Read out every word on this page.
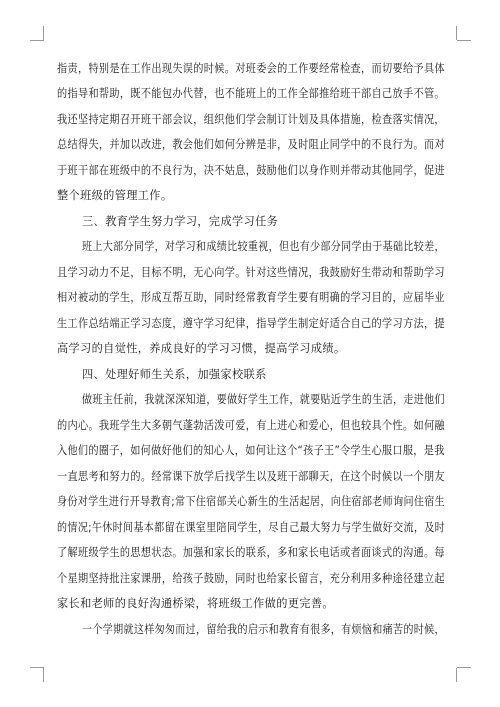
指责，特别是在工作出现失误的时候。对班委会的工作要经常检查，而切要给予具体
的指导和帮助，既不能包办代替，也不能班上的工作全部推给班干部自己放手不管。
我还坚持定期召开班干部会议，组织他们学会制订计划及具体措施，检查落实情况，
总结得失，并加以改进，教会他们如何分辨是非，及时阻止同学中的不良行为。而对
于班干部在班级中的不良行为，决不姑息，鼓励他们以身作则并带动其他同学，促进
整个班级的管理工作。
三、教育学生努力学习，完成学习任务
班上大部分同学，对学习和成绩比较重视，但也有少部分同学由于基础比较差，
且学习动力不足，目标不明，无心向学。针对这些情况，我鼓励好生带动和帮助学习
相对被动的学生，形成互帮互助，同时经常教育学生要有明确的学习目的，应届毕业
生工作总结端正学习态度，遵守学习纪律，指导学生制定好适合自己的学习方法，提
高学习的自觉性，养成良好的学习习惯，提高学习成绩。
四、处理好师生关系，加强家校联系
做班主任前，我就深深知道，要做好学生工作，就要贴近学生的生活，走进他们
的内心。我班学生大多朝气蓬勃活泼可爱，有上进心和爱心，但也较具个性。如何融
入他们的圈子，如何做好他们的知心人，如何让这个“孩子王”令学生心服口服，是我
一直思考和努力的。经常课下放学后找学生以及班干部聊天，在这个时候以一个朋友
身份对学生进行开导教育;常下住宿部关心新生的生活起居，向住宿部老师询问住宿生
的情况;午休时间基本都留在课室里陪同学生，尽自己最大努力与学生做好交流，及时
了解班级学生的思想状态。加强和家长的联系，多和家长电话或者面谈式的沟通。每
个星期坚持批注家课册，给孩子鼓励，同时也给家长留言，充分利用多种途径建立起
家长和老师的良好沟通桥梁，将班级工作做的更完善。
一个学期就这样匆匆而过，留给我的启示和教育有很多，有烦恼和痛苦的时候，
